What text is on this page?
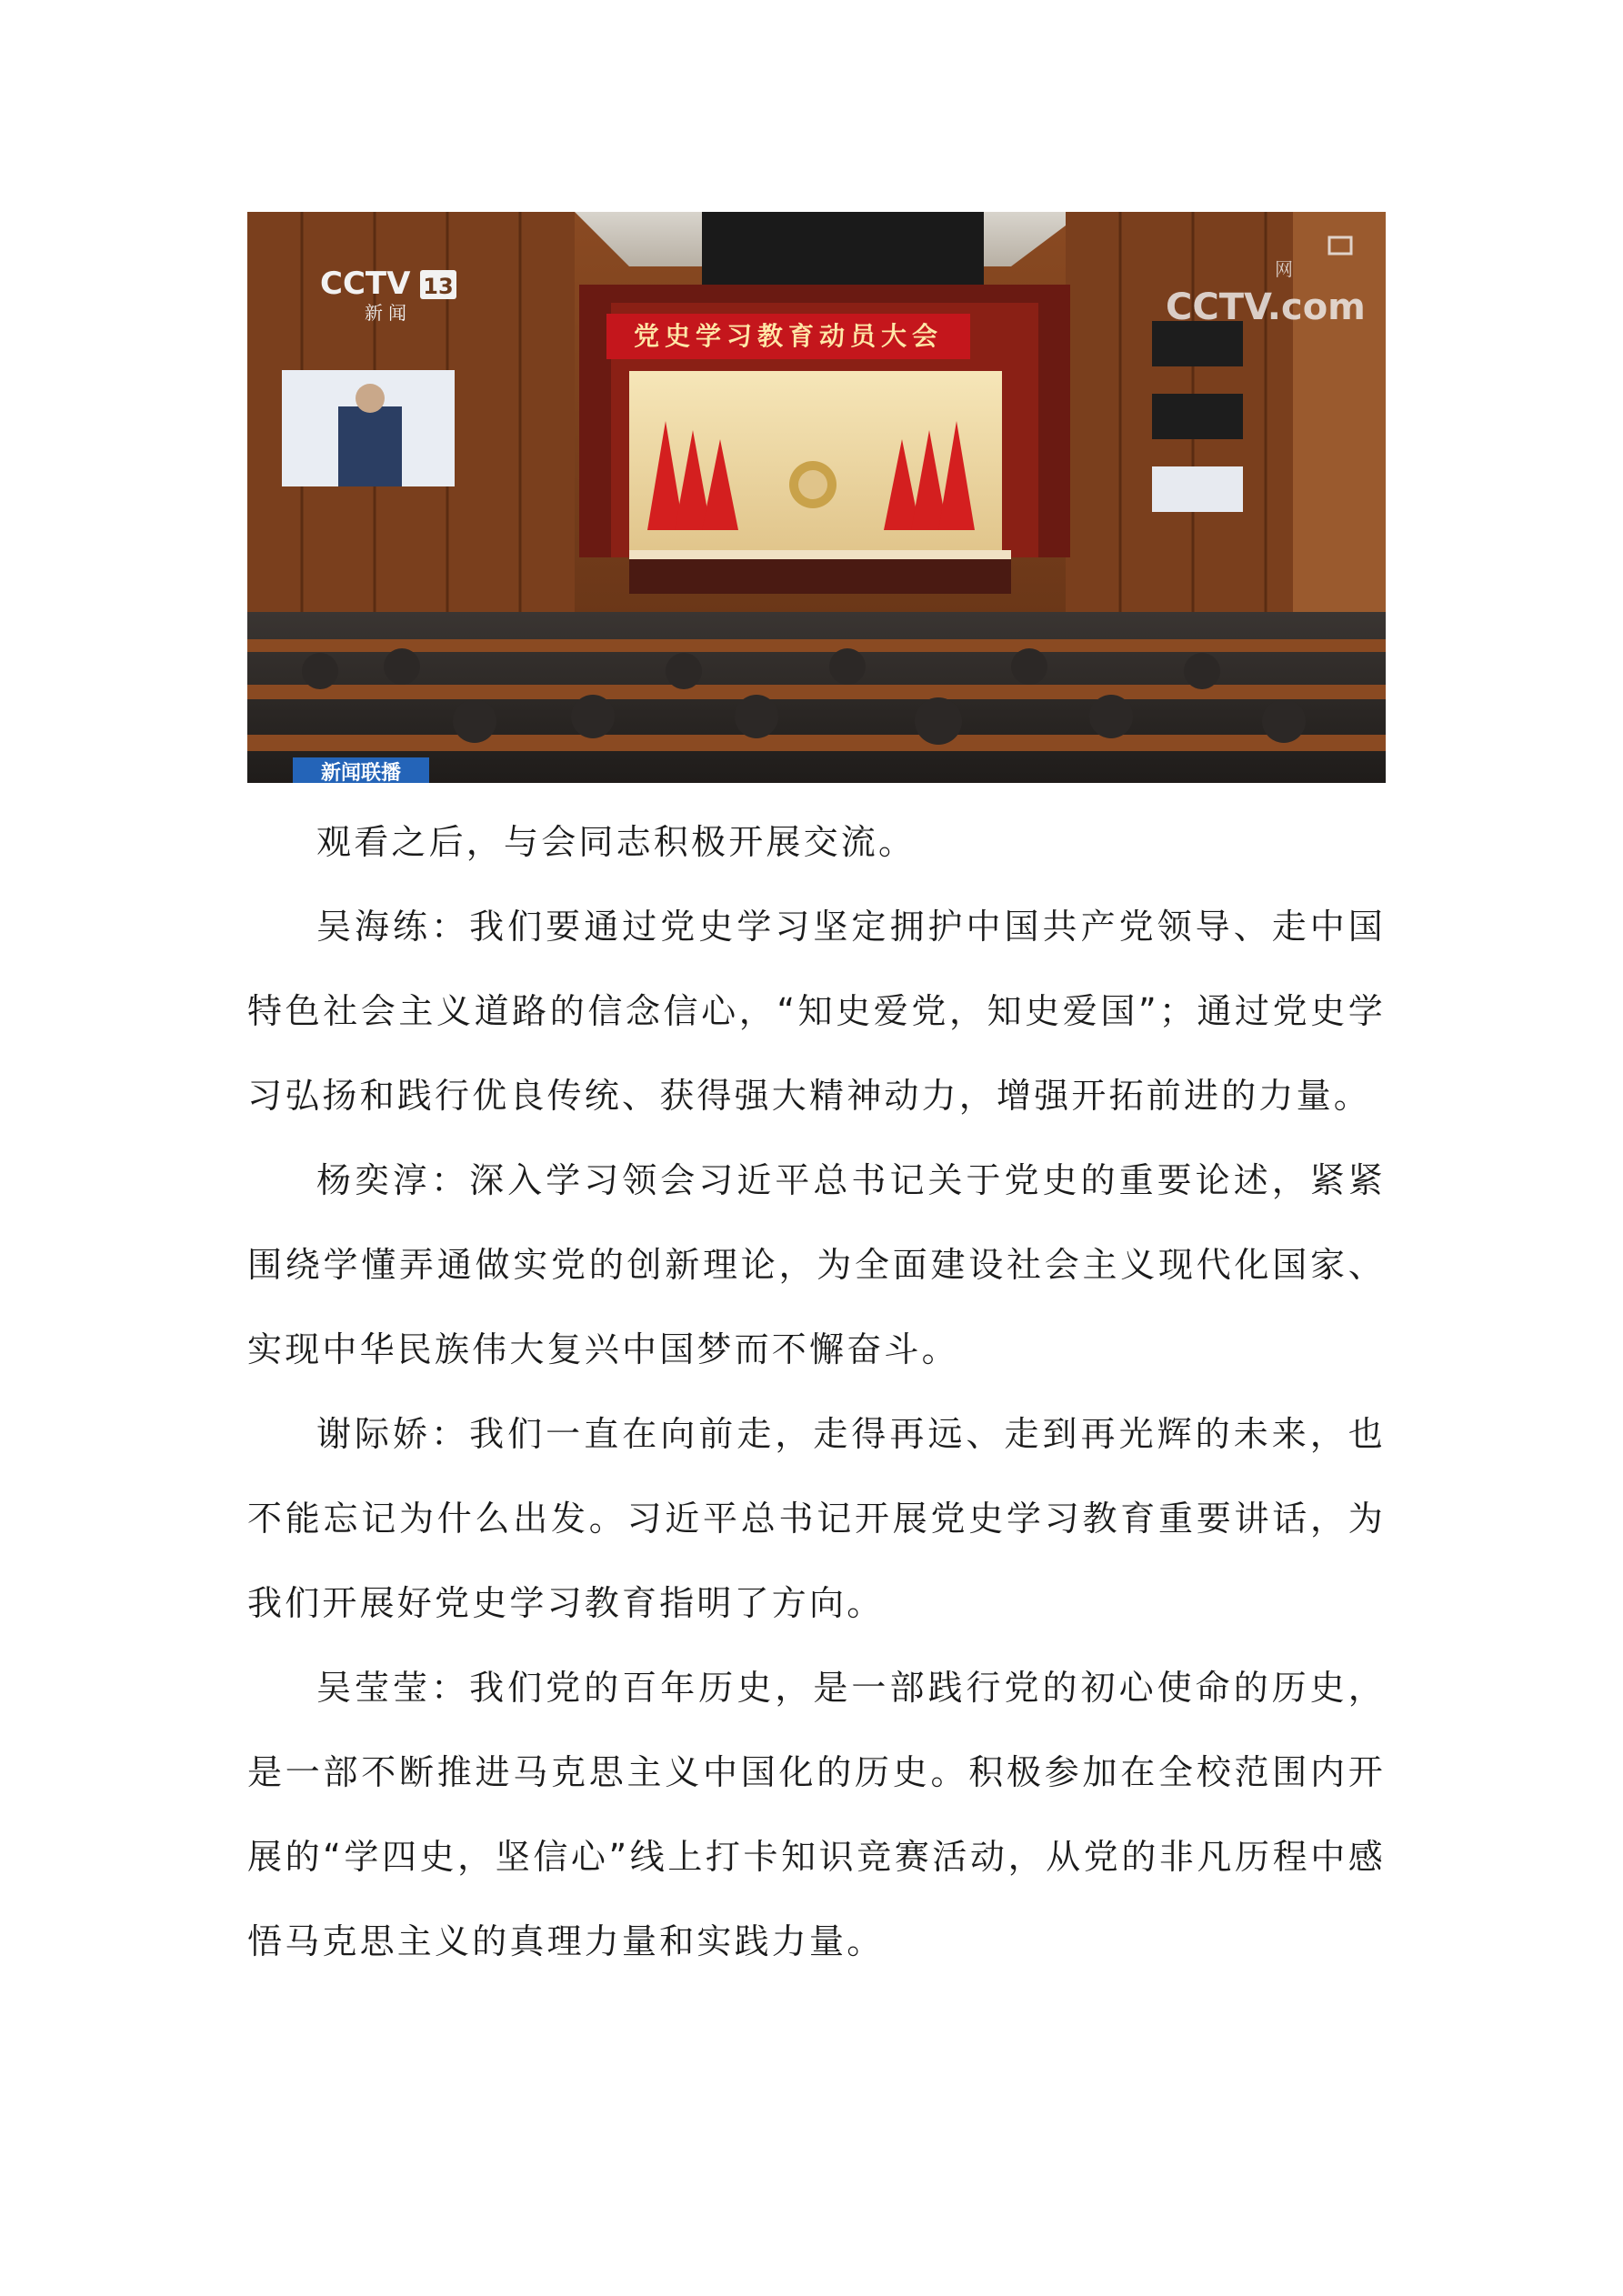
党史学习教育动员大会
CCTV 13
新闻	CCTV.com
网
新闻联播

观看之后，与会同志积极开展交流。

吴海练：我们要通过党史学习坚定拥护中国共产党领导、走中国特色社会主义道路的信念信心，“知史爱党，知史爱国”；通过党史学习弘扬和践行优良传统、获得强大精神动力，增强开拓前进的力量。

杨奕淳：深入学习领会习近平总书记关于党史的重要论述，紧紧围绕学懂弄通做实党的创新理论，为全面建设社会主义现代化国家、实现中华民族伟大复兴中国梦而不懈奋斗。

谢际娇：我们一直在向前走，走得再远、走到再光辉的未来，也不能忘记为什么出发。习近平总书记开展党史学习教育重要讲话，为我们开展好党史学习教育指明了方向。

吴莹莹：我们党的百年历史，是一部践行党的初心使命的历史，是一部不断推进马克思主义中国化的历史。积极参加在全校范围内开展的“学四史，坚信心”线上打卡知识竞赛活动，从党的非凡历程中感悟马克思主义的真理力量和实践力量。
